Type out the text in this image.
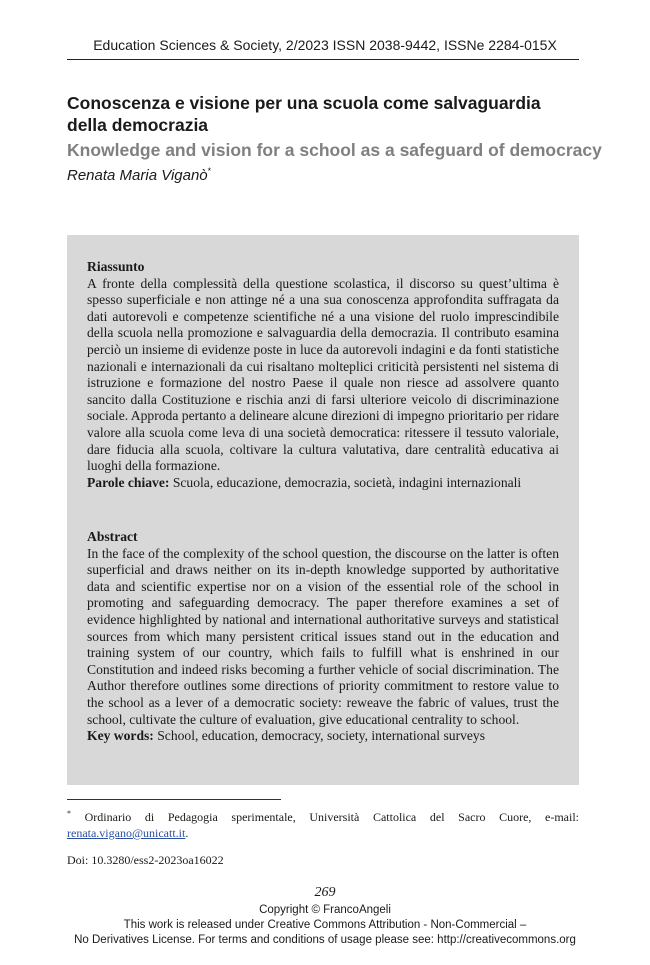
Education Sciences & Society, 2/2023 ISSN 2038-9442, ISSNe 2284-015X
Conoscenza e visione per una scuola come salvaguardia della democrazia
Knowledge and vision for a school as a safeguard of democracy
Renata Maria Viganò*
Riassunto
A fronte della complessità della questione scolastica, il discorso su quest’ultima è spesso superficiale e non attinge né a una sua conoscenza approfondita suffragata da dati autorevoli e competenze scientifiche né a una visione del ruolo imprescindibile della scuola nella promozione e salvaguardia della democrazia. Il contributo esamina perciò un insieme di evidenze poste in luce da autorevoli indagini e da fonti statistiche nazionali e internazionali da cui risaltano molteplici criticità persistenti nel sistema di istruzione e formazione del nostro Paese il quale non riesce ad assolvere quanto sancito dalla Costituzione e rischia anzi di farsi ulteriore veicolo di discriminazione sociale. Approda pertanto a delineare alcune direzioni di impegno prioritario per ridare valore alla scuola come leva di una società democratica: ritessere il tessuto valoriale, dare fiducia alla scuola, coltivare la cultura valutativa, dare centralità educativa ai luoghi della formazione.
Parole chiave: Scuola, educazione, democrazia, società, indagini internazionali
Abstract
In the face of the complexity of the school question, the discourse on the latter is often superficial and draws neither on its in-depth knowledge supported by authoritative data and scientific expertise nor on a vision of the essential role of the school in promoting and safeguarding democracy. The paper therefore examines a set of evidence highlighted by national and international authoritative surveys and statistical sources from which many persistent critical issues stand out in the education and training system of our country, which fails to fulfill what is enshrined in our Constitution and indeed risks becoming a further vehicle of social discrimination. The Author therefore outlines some directions of priority commitment to restore value to the school as a lever of a democratic society: reweave the fabric of values, trust the school, cultivate the culture of evaluation, give educational centrality to school.
Key words: School, education, democracy, society, international surveys
* Ordinario di Pedagogia sperimentale, Università Cattolica del Sacro Cuore, e-mail: renata.vigano@unicatt.it.
Doi: 10.3280/ess2-2023oa16022
269
Copyright © FrancoAngeli
This work is released under Creative Commons Attribution - Non-Commercial –
No Derivatives License. For terms and conditions of usage please see: http://creativecommons.org
